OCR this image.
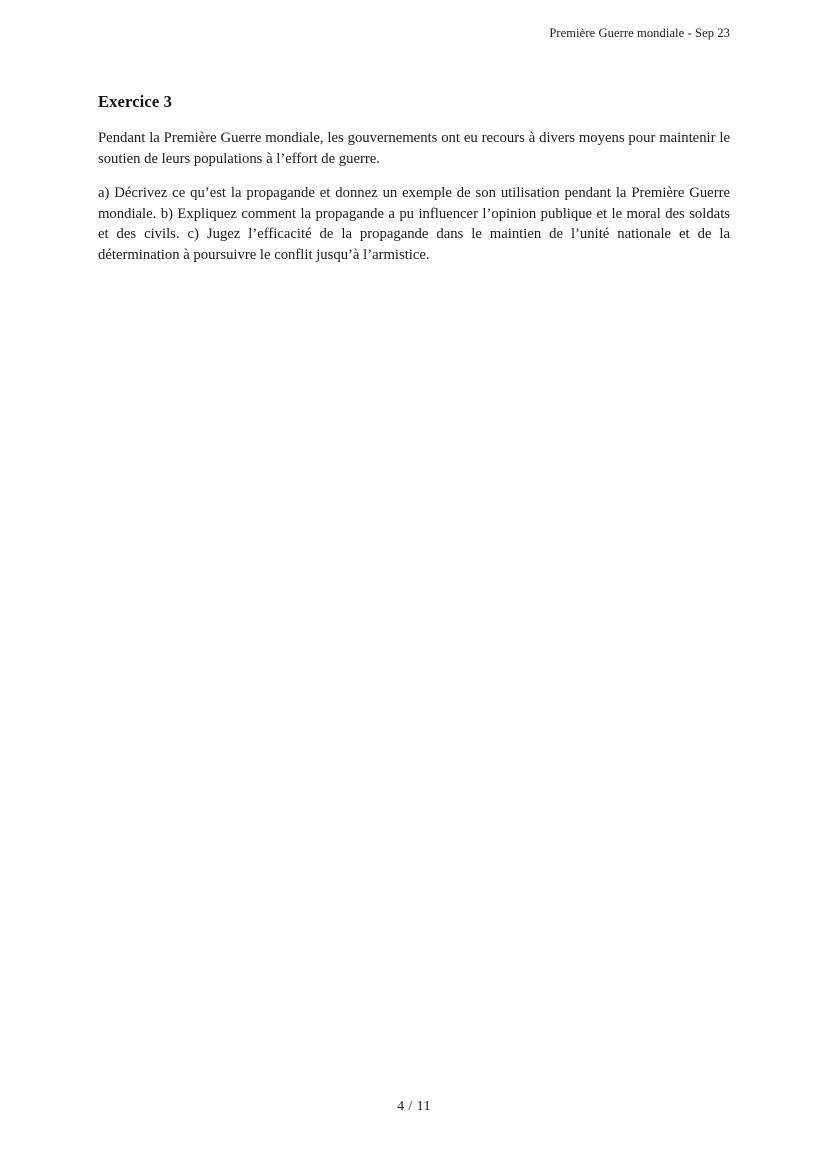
Première Guerre mondiale - Sep 23
Exercice 3

Pendant la Première Guerre mondiale, les gouvernements ont eu recours à divers moyens pour maintenir le soutien de leurs populations à l’effort de guerre.

a) Décrivez ce qu’est la propagande et donnez un exemple de son utilisation pendant la Première Guerre mondiale. b) Expliquez comment la propagande a pu influencer l’opinion publique et le moral des soldats et des civils. c) Jugez l’efficacité de la propagande dans le maintien de l’unité nationale et de la détermination à poursuivre le conflit jusqu’à l’armistice.

4 / 11
